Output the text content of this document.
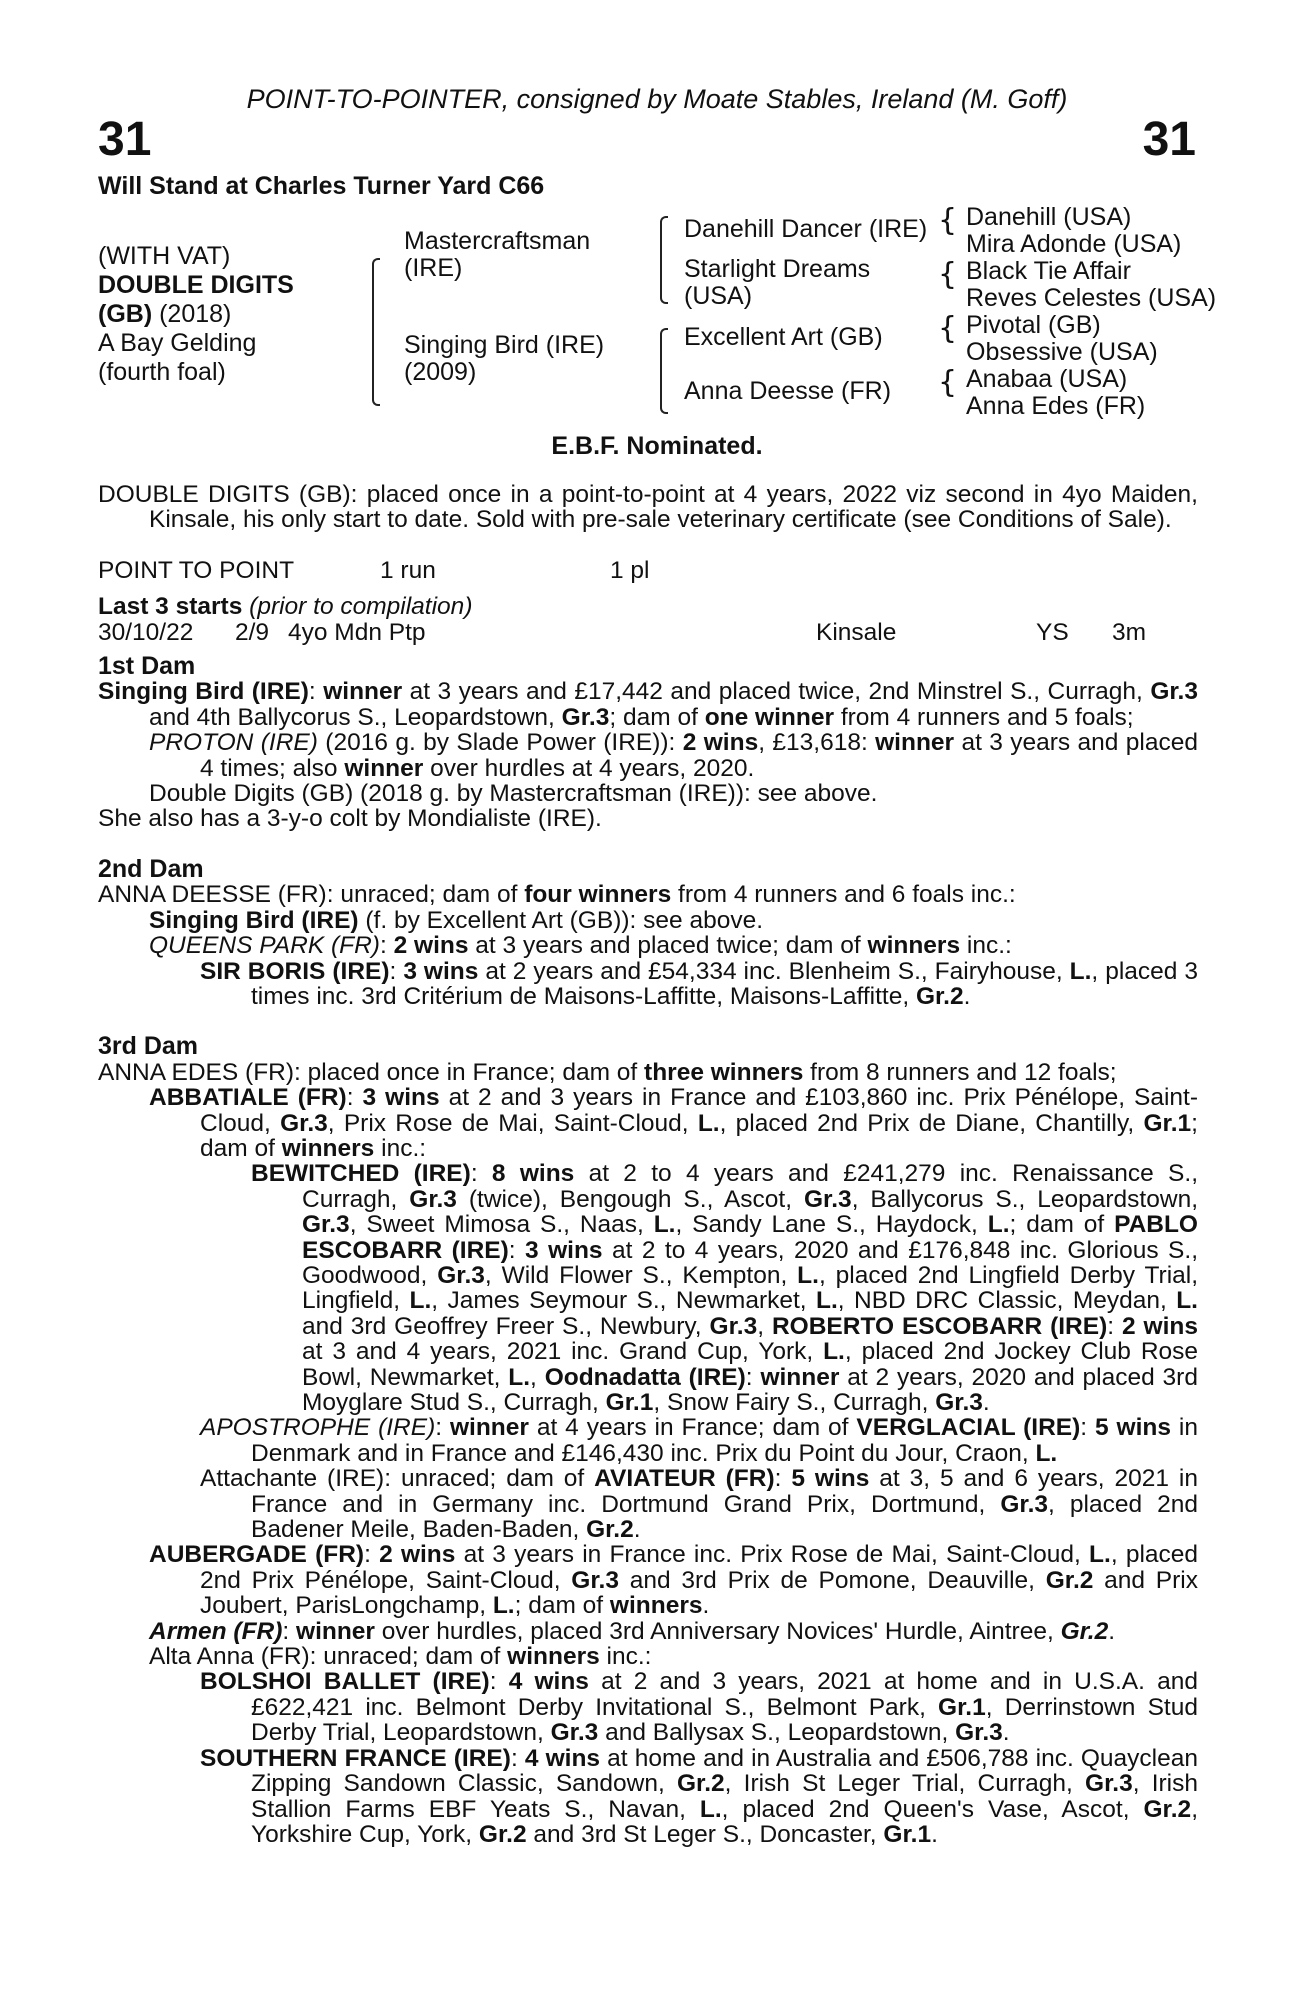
POINT-TO-POINTER, consigned by Moate Stables, Ireland (M. Goff)
31	31
Will Stand at Charles Turner Yard C66
(WITH VAT)
DOUBLE DIGITS
(GB) (2018)
A Bay Gelding
(fourth foal)
Mastercraftsman (IRE)
Singing Bird (IRE) (2009)
Danehill Dancer (IRE)
Starlight Dreams (USA)
Excellent Art (GB)
Anna Deesse (FR)
{
{
{
{
Danehill (USA)
Mira Adonde (USA)
Black Tie Affair
Reves Celestes (USA)
Pivotal (GB)
Obsessive (USA)
Anabaa (USA)
Anna Edes (FR)
E.B.F. Nominated.

DOUBLE DIGITS (GB): placed once in a point-to-point at 4 years, 2022 viz second in 4yo Maiden, Kinsale, his only start to date. Sold with pre-sale veterinary certificate (see Conditions of Sale).

POINT TO POINT	1 run	1 pl
Last 3 starts (prior to compilation)
30/10/22	2/9 4yo Mdn Ptp	Kinsale	YS	3m
1st Dam

Singing Bird (IRE): winner at 3 years and £17,442 and placed twice, 2nd Minstrel S., Curragh, Gr.3 and 4th Ballycorus S., Leopardstown, Gr.3; dam of one winner from 4 runners and 5 foals;

PROTON (IRE) (2016 g. by Slade Power (IRE)): 2 wins, £13,618: winner at 3 years and placed 4 times; also winner over hurdles at 4 years, 2020.

Double Digits (GB) (2018 g. by Mastercraftsman (IRE)): see above.

She also has a 3-y-o colt by Mondialiste (IRE).

2nd Dam

ANNA DEESSE (FR): unraced; dam of four winners from 4 runners and 6 foals inc.:

Singing Bird (IRE) (f. by Excellent Art (GB)): see above.

QUEENS PARK (FR): 2 wins at 3 years and placed twice; dam of winners inc.:

SIR BORIS (IRE): 3 wins at 2 years and £54,334 inc. Blenheim S., Fairyhouse, L., placed 3 times inc. 3rd Critérium de Maisons-Laffitte, Maisons-Laffitte, Gr.2.

3rd Dam

ANNA EDES (FR): placed once in France; dam of three winners from 8 runners and 12 foals;

ABBATIALE (FR): 3 wins at 2 and 3 years in France and £103,860 inc. Prix Pénélope, Saint-Cloud, Gr.3, Prix Rose de Mai, Saint-Cloud, L., placed 2nd Prix de Diane, Chantilly, Gr.1; dam of winners inc.:

BEWITCHED (IRE): 8 wins at 2 to 4 years and £241,279 inc. Renaissance S., Curragh, Gr.3 (twice), Bengough S., Ascot, Gr.3, Ballycorus S., Leopardstown, Gr.3, Sweet Mimosa S., Naas, L., Sandy Lane S., Haydock, L.; dam of PABLO ESCOBARR (IRE): 3 wins at 2 to 4 years, 2020 and £176,848 inc. Glorious S., Goodwood, Gr.3, Wild Flower S., Kempton, L., placed 2nd Lingfield Derby Trial, Lingfield, L., James Seymour S., Newmarket, L., NBD DRC Classic, Meydan, L. and 3rd Geoffrey Freer S., Newbury, Gr.3, ROBERTO ESCOBARR (IRE): 2 wins at 3 and 4 years, 2021 inc. Grand Cup, York, L., placed 2nd Jockey Club Rose Bowl, Newmarket, L., Oodnadatta (IRE): winner at 2 years, 2020 and placed 3rd Moyglare Stud S., Curragh, Gr.1, Snow Fairy S., Curragh, Gr.3.

APOSTROPHE (IRE): winner at 4 years in France; dam of VERGLACIAL (IRE): 5 wins in Denmark and in France and £146,430 inc. Prix du Point du Jour, Craon, L.

Attachante (IRE): unraced; dam of AVIATEUR (FR): 5 wins at 3, 5 and 6 years, 2021 in France and in Germany inc. Dortmund Grand Prix, Dortmund, Gr.3, placed 2nd Badener Meile, Baden-Baden, Gr.2.

AUBERGADE (FR): 2 wins at 3 years in France inc. Prix Rose de Mai, Saint-Cloud, L., placed 2nd Prix Pénélope, Saint-Cloud, Gr.3 and 3rd Prix de Pomone, Deauville, Gr.2 and Prix Joubert, ParisLongchamp, L.; dam of winners.

Armen (FR): winner over hurdles, placed 3rd Anniversary Novices' Hurdle, Aintree, Gr.2.

Alta Anna (FR): unraced; dam of winners inc.:

BOLSHOI BALLET (IRE): 4 wins at 2 and 3 years, 2021 at home and in U.S.A. and £622,421 inc. Belmont Derby Invitational S., Belmont Park, Gr.1, Derrinstown Stud Derby Trial, Leopardstown, Gr.3 and Ballysax S., Leopardstown, Gr.3.

SOUTHERN FRANCE (IRE): 4 wins at home and in Australia and £506,788 inc. Quayclean Zipping Sandown Classic, Sandown, Gr.2, Irish St Leger Trial, Curragh, Gr.3, Irish Stallion Farms EBF Yeats S., Navan, L., placed 2nd Queen's Vase, Ascot, Gr.2, Yorkshire Cup, York, Gr.2 and 3rd St Leger S., Doncaster, Gr.1.
